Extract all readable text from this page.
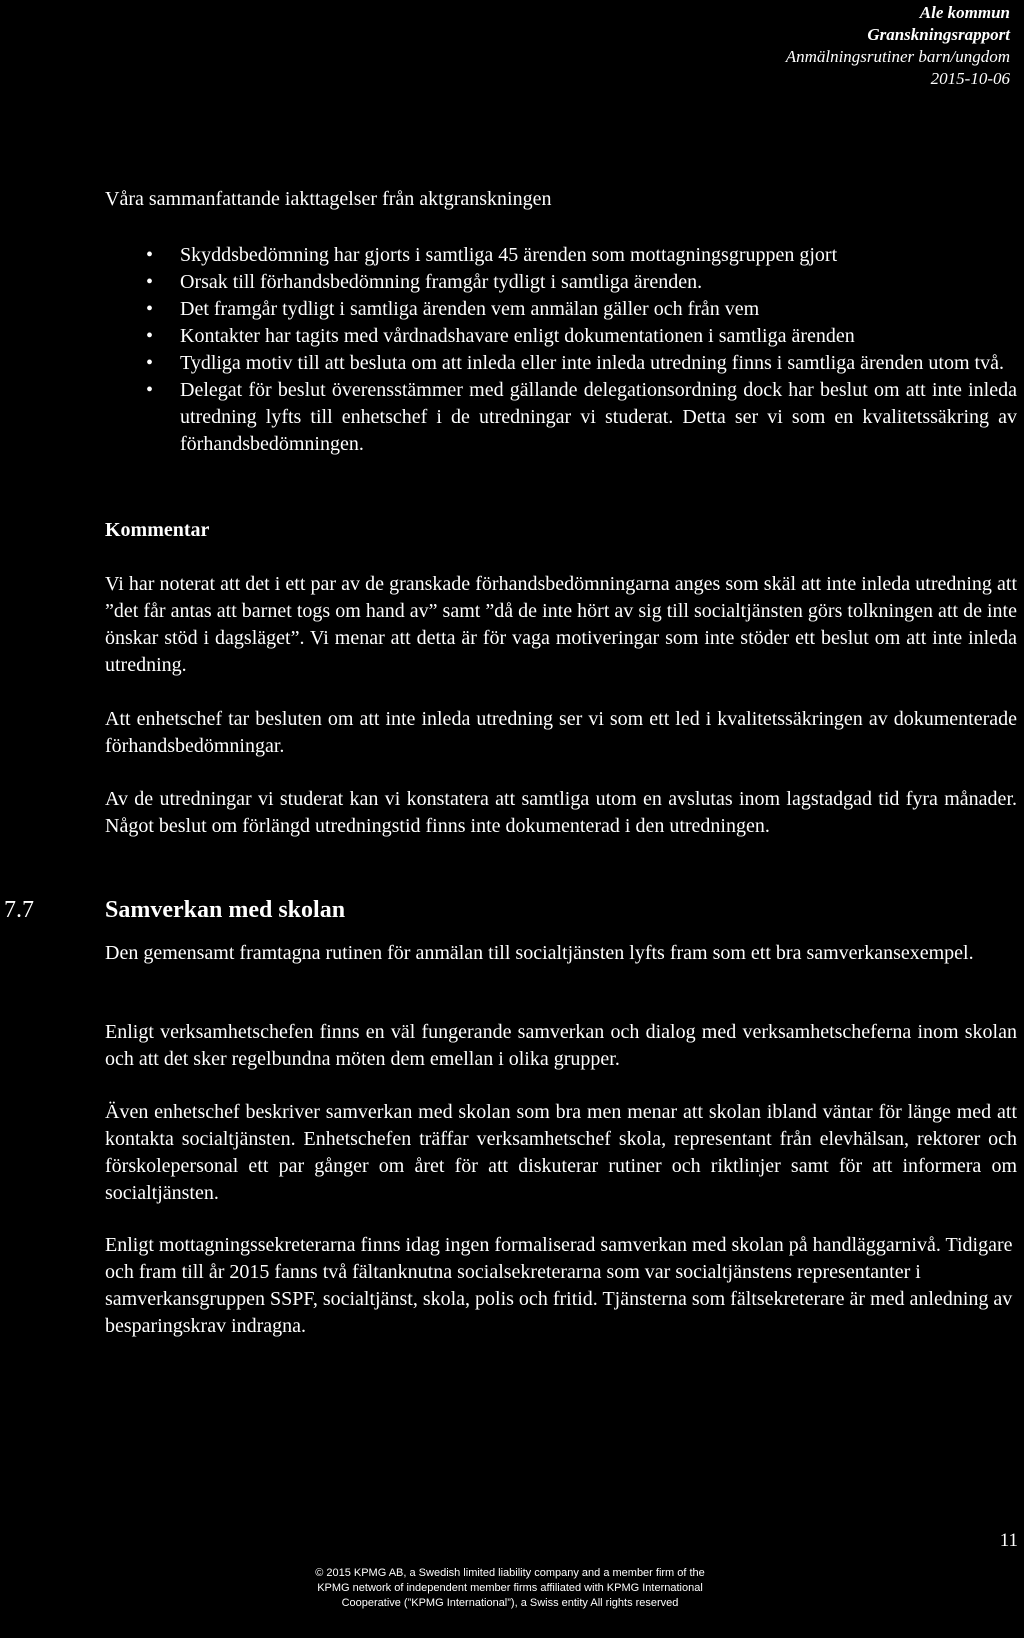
Ale kommun
Granskningsrapport
Anmälningsrutiner barn/ungdom
2015-10-06

Våra sammanfattande iakttagelser från aktgranskningen

• Skyddsbedömning har gjorts i samtliga 45 ärenden som mottagningsgruppen gjort
• Orsak till förhandsbedömning framgår tydligt i samtliga ärenden.
• Det framgår tydligt i samtliga ärenden vem anmälan gäller och från vem
• Kontakter har tagits med vårdnadshavare enligt dokumentationen i samtliga ärenden
• Tydliga motiv till att besluta om att inleda eller inte inleda utredning finns i samtliga ärenden utom två.
• Delegat för beslut överensstämmer med gällande delegationsordning dock har beslut om att inte inleda utredning lyfts till enhetschef i de utredningar vi studerat. Detta ser vi som en kvalitetssäkring av förhandsbedömningen.

Kommentar

Vi har noterat att det i ett par av de granskade förhandsbedömningarna anges som skäl att inte inleda utredning att ”det får antas att barnet togs om hand av” samt ”då de inte hört av sig till socialtjänsten görs tolkningen att de inte önskar stöd i dagsläget”. Vi menar att detta är för vaga motiveringar som inte stöder ett beslut om att inte inleda utredning.

Att enhetschef tar besluten om att inte inleda utredning ser vi som ett led i kvalitetssäkringen av dokumenterade förhandsbedömningar.

Av de utredningar vi studerat kan vi konstatera att samtliga utom en avslutas inom lagstadgad tid fyra månader. Något beslut om förlängd utredningstid finns inte dokumenterad i den utredningen.

7.7	Samverkan med skolan

Den gemensamt framtagna rutinen för anmälan till socialtjänsten lyfts fram som ett bra samverkansexempel.

Enligt verksamhetschefen finns en väl fungerande samverkan och dialog med verksamhetscheferna inom skolan och att det sker regelbundna möten dem emellan i olika grupper.

Även enhetschef beskriver samverkan med skolan som bra men menar att skolan ibland väntar för länge med att kontakta socialtjänsten. Enhetschefen träffar verksamhetschef skola, representant från elevhälsan, rektorer och förskolepersonal ett par gånger om året för att diskuterar rutiner och riktlinjer samt för att informera om socialtjänsten.

Enligt mottagningssekreterarna finns idag ingen formaliserad samverkan med skolan på handläggarnivå. Tidigare och fram till år 2015 fanns två fältanknutna socialsekreterarna som var socialtjänstens representanter i samverkansgruppen SSPF, socialtjänst, skola, polis och fritid. Tjänsterna som fältsekreterare är med anledning av besparingskrav indragna.

11
© 2015 KPMG AB, a Swedish limited liability company and a member firm of the
KPMG network of independent member firms affiliated with KPMG International
Cooperative (”KPMG International”), a Swiss entity All rights reserved
